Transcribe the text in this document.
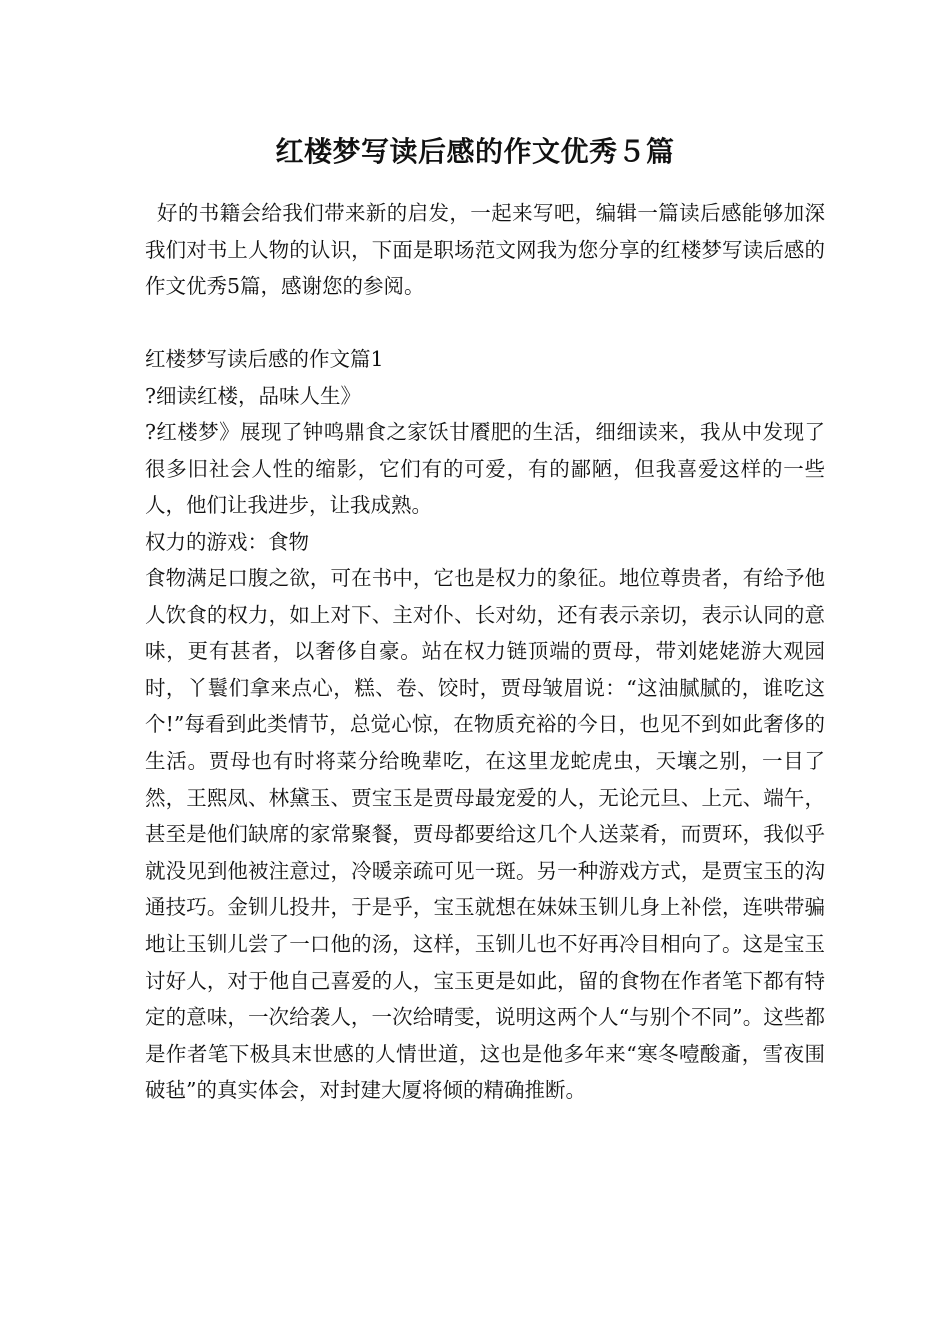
红楼梦写读后感的作文优秀５篇
好的书籍会给我们带来新的启发，一起来写吧，编辑一篇读后感能够加深我们对书上人物的认识，下面是职场范文网我为您分享的红楼梦写读后感的作文优秀5篇，感谢您的参阅。
红楼梦写读后感的作文篇1
?细读红楼，品味人生》
?红楼梦》展现了钟鸣鼎食之家饫甘餍肥的生活，细细读来，我从中发现了很多旧社会人性的缩影，它们有的可爱，有的鄙陋，但我喜爱这样的一些人，他们让我进步，让我成熟。
权力的游戏：食物
食物满足口腹之欲，可在书中，它也是权力的象征。地位尊贵者，有给予他人饮食的权力，如上对下、主对仆、长对幼，还有表示亲切，表示认同的意味，更有甚者，以奢侈自豪。站在权力链顶端的贾母，带刘姥姥游大观园时，丫鬟们拿来点心，糕、卷、饺时，贾母皱眉说：“这油腻腻的，谁吃这个!”每看到此类情节，总觉心惊，在物质充裕的今日，也见不到如此奢侈的生活。贾母也有时将菜分给晚辈吃，在这里龙蛇虎虫，天壤之别，一目了然，王熙凤、林黛玉、贾宝玉是贾母最宠爱的人，无论元旦、上元、端午，甚至是他们缺席的家常聚餐，贾母都要给这几个人送菜肴，而贾环，我似乎就没见到他被注意过，冷暖亲疏可见一斑。另一种游戏方式，是贾宝玉的沟通技巧。金钏儿投井，于是乎，宝玉就想在妹妹玉钏儿身上补偿，连哄带骗地让玉钏儿尝了一口他的汤，这样，玉钏儿也不好再冷目相向了。这是宝玉讨好人，对于他自己喜爱的人，宝玉更是如此，留的食物在作者笔下都有特定的意味，一次给袭人，一次给晴雯，说明这两个人“与别个不同”。这些都是作者笔下极具末世感的人情世道，这也是他多年来“寒冬噎酸齑，雪夜围破毡”的真实体会，对封建大厦将倾的精确推断。
